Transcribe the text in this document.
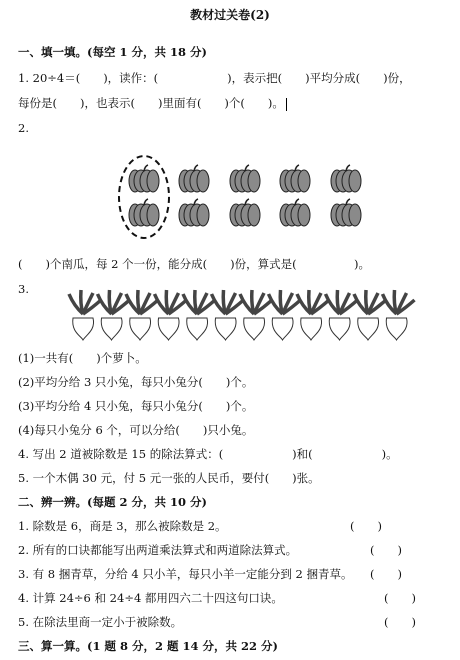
教材过关卷(2)
一、填一填。(每空 1 分，共 18 分)
1. 20÷4＝(　　)，读作：(　　　　　　)，表示把(　　)平均分成(　　)份，
每份是(　　)，也表示(　　)里面有(　　)个(　　)。
2.
(　　)个南瓜，每 2 个一份，能分成(　　)份，算式是(　　　　　)。
3.
(1)一共有(　　)个萝卜。
(2)平均分给 3 只小兔，每只小兔分(　　)个。
(3)平均分给 4 只小兔，每只小兔分(　　)个。
(4)每只小兔分 6 个，可以分给(　　)只小兔。
4. 写出 2 道被除数是 15 的除法算式：(　　　　　　)和(　　　　　　)。
5. 一个木偶 30 元，付 5 元一张的人民币，要付(　　)张。
二、辨一辨。(每题 2 分，共 10 分)
1. 除数是 6，商是 3，那么被除数是 2。	(　　)
2. 所有的口诀都能写出两道乘法算式和两道除法算式。	(　　)
3. 有 8 捆青草，分给 4 只小羊，每只小羊一定能分到 2 捆青草。 (　　)
4. 计算 24÷6 和 24÷4 都用四六二十四这句口诀。	(　　)
5. 在除法里商一定小于被除数。	(　　)
三、算一算。(1 题 8 分，2 题 14 分，共 22 分)
